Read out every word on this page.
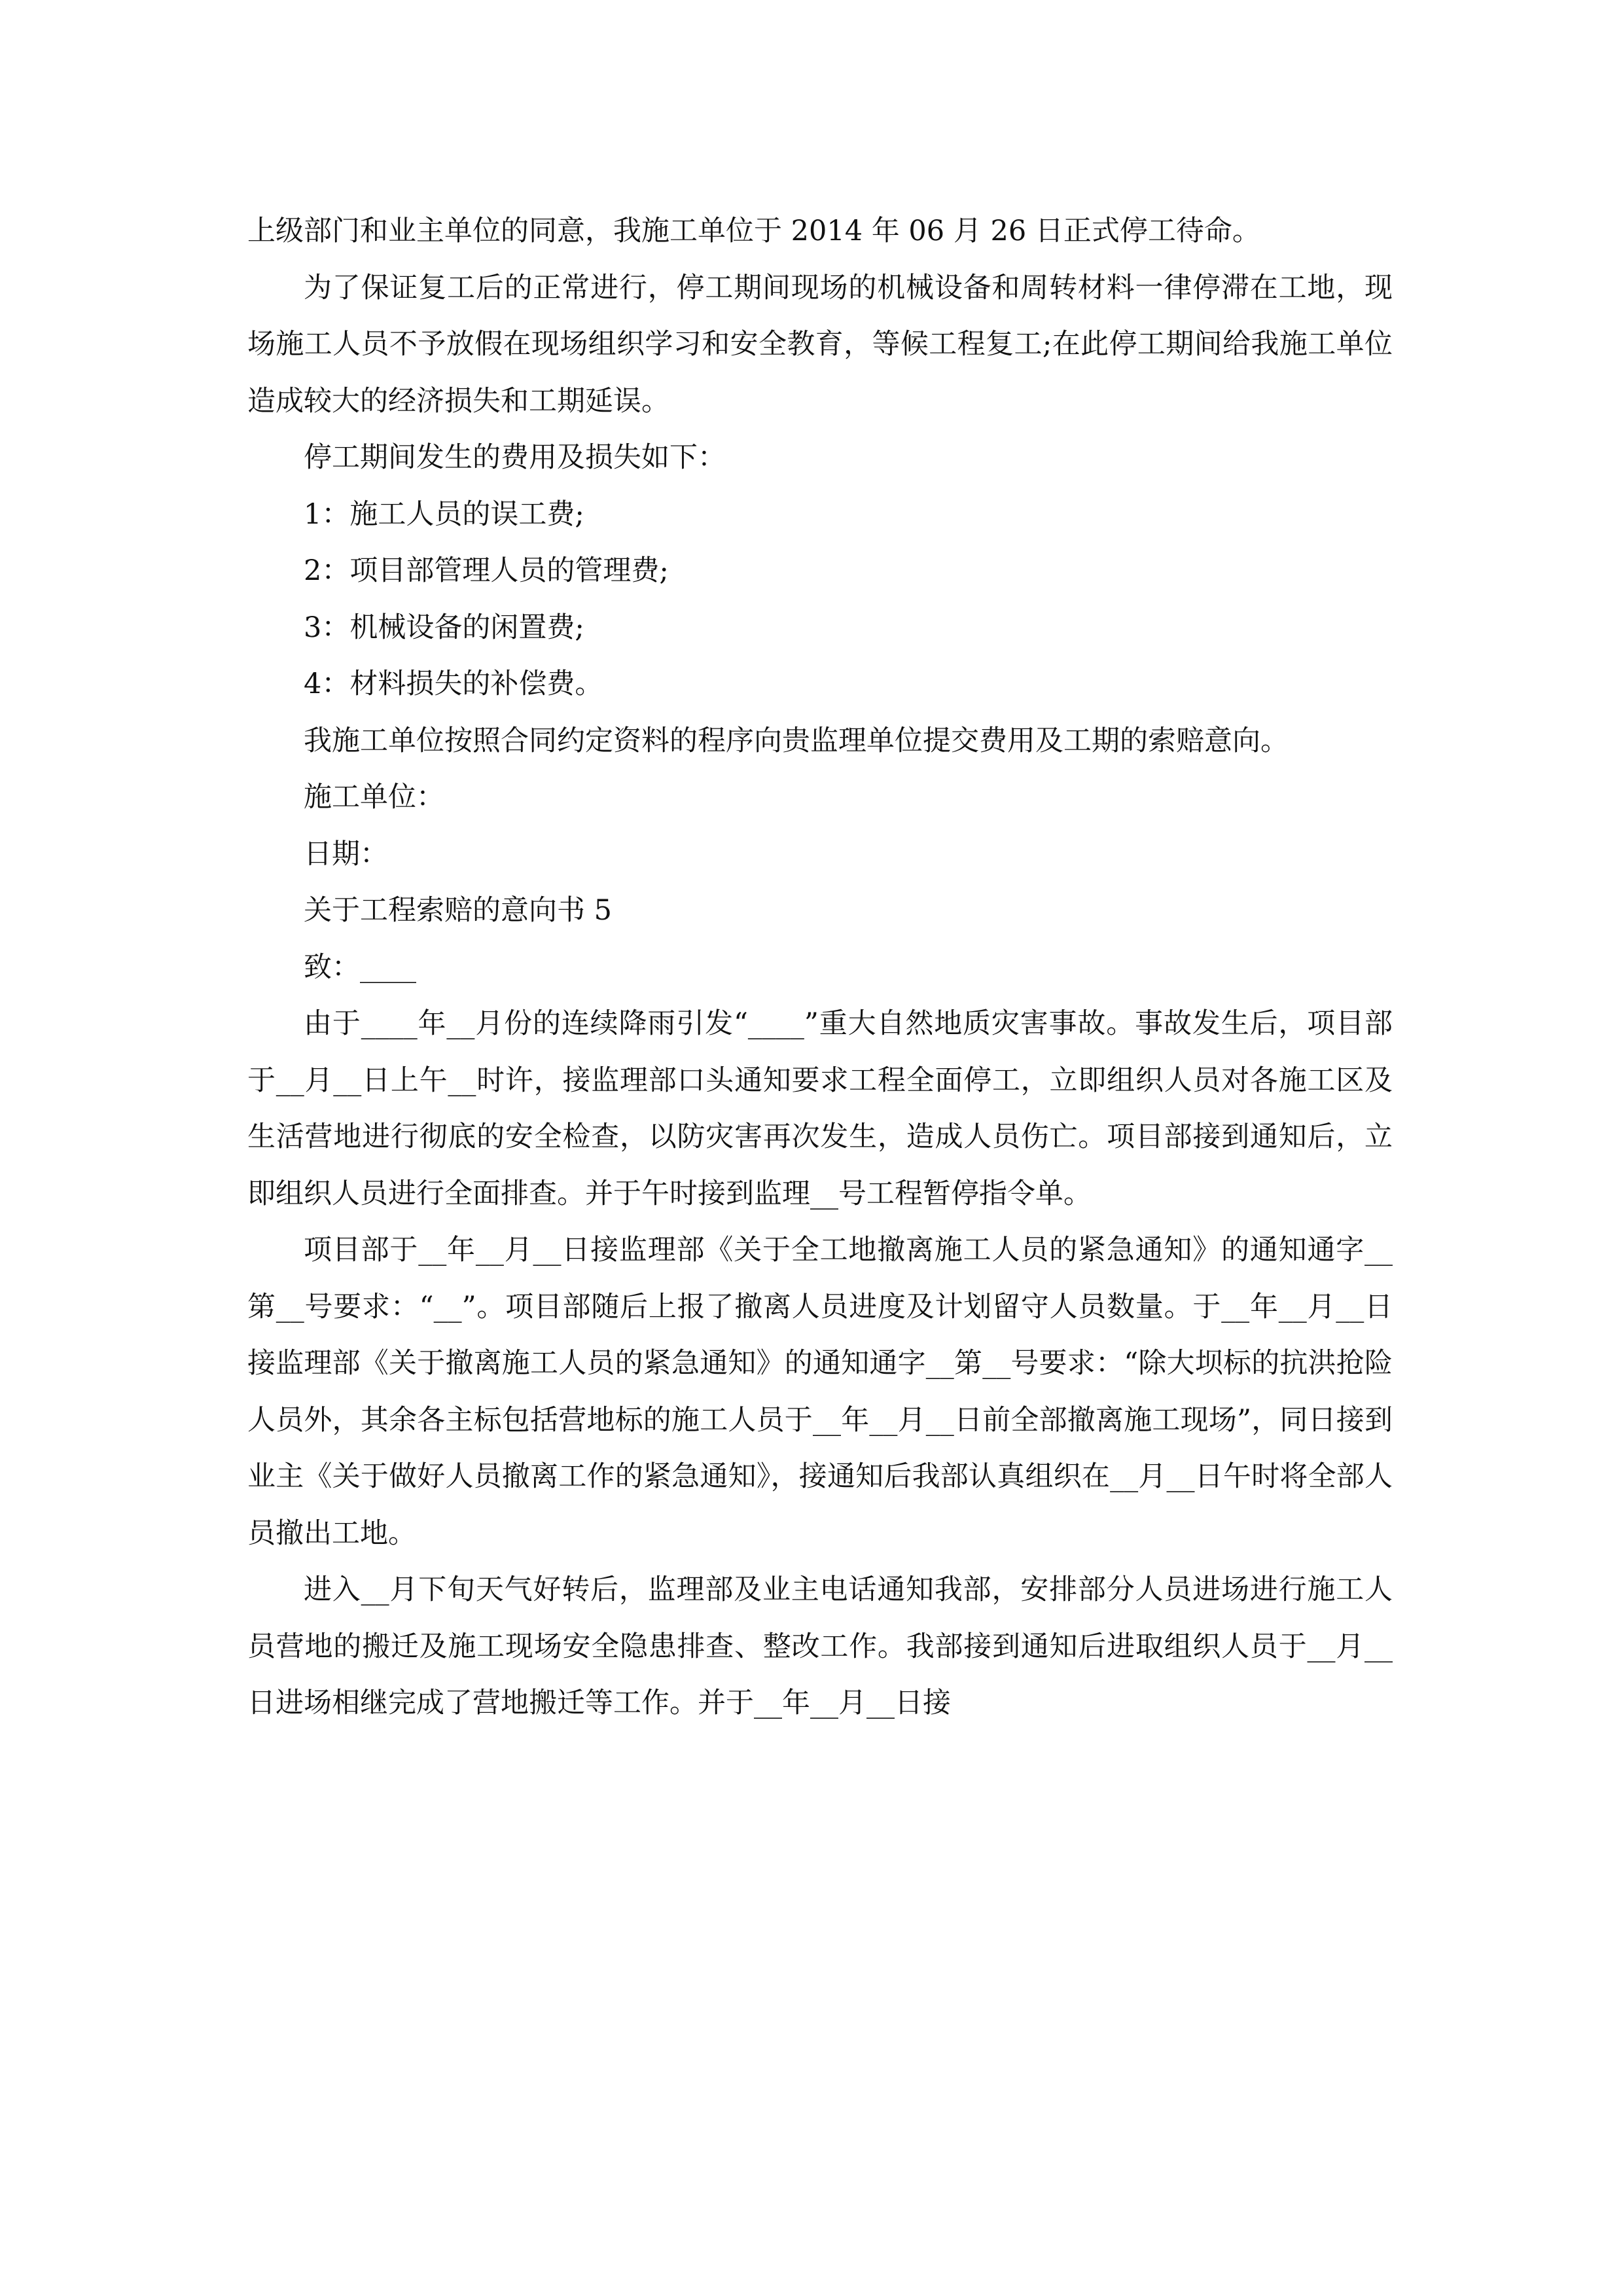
上级部门和业主单位的同意，我施工单位于 2014 年 06 月 26 日正式停工待命。

为了保证复工后的正常进行，停工期间现场的机械设备和周转材料一律停滞在工地，现场施工人员不予放假在现场组织学习和安全教育，等候工程复工;在此停工期间给我施工单位造成较大的经济损失和工期延误。

停工期间发生的费用及损失如下：

1：施工人员的误工费;

2：项目部管理人员的管理费;

3：机械设备的闲置费;

4：材料损失的补偿费。

我施工单位按照合同约定资料的程序向贵监理单位提交费用及工期的索赔意向。

施工单位：

日期：

关于工程索赔的意向书 5

致：____

由于____年__月份的连续降雨引发“____”重大自然地质灾害事故。事故发生后，项目部于__月__日上午__时许，接监理部口头通知要求工程全面停工，立即组织人员对各施工区及生活营地进行彻底的安全检查，以防灾害再次发生，造成人员伤亡。项目部接到通知后，立即组织人员进行全面排查。并于午时接到监理__号工程暂停指令单。

项目部于__年__月__日接监理部《关于全工地撤离施工人员的紧急通知》的通知通字__第__号要求：“__”。项目部随后上报了撤离人员进度及计划留守人员数量。于__年__月__日接监理部《关于撤离施工人员的紧急通知》的通知通字__第__号要求：“除大坝标的抗洪抢险人员外，其余各主标包括营地标的施工人员于__年__月__日前全部撤离施工现场”，同日接到业主《关于做好人员撤离工作的紧急通知》，接通知后我部认真组织在__月__日午时将全部人员撤出工地。

进入__月下旬天气好转后，监理部及业主电话通知我部，安排部分人员进场进行施工人员营地的搬迁及施工现场安全隐患排查、整改工作。我部接到通知后进取组织人员于__月__日进场相继完成了营地搬迁等工作。并于__年__月__日接
